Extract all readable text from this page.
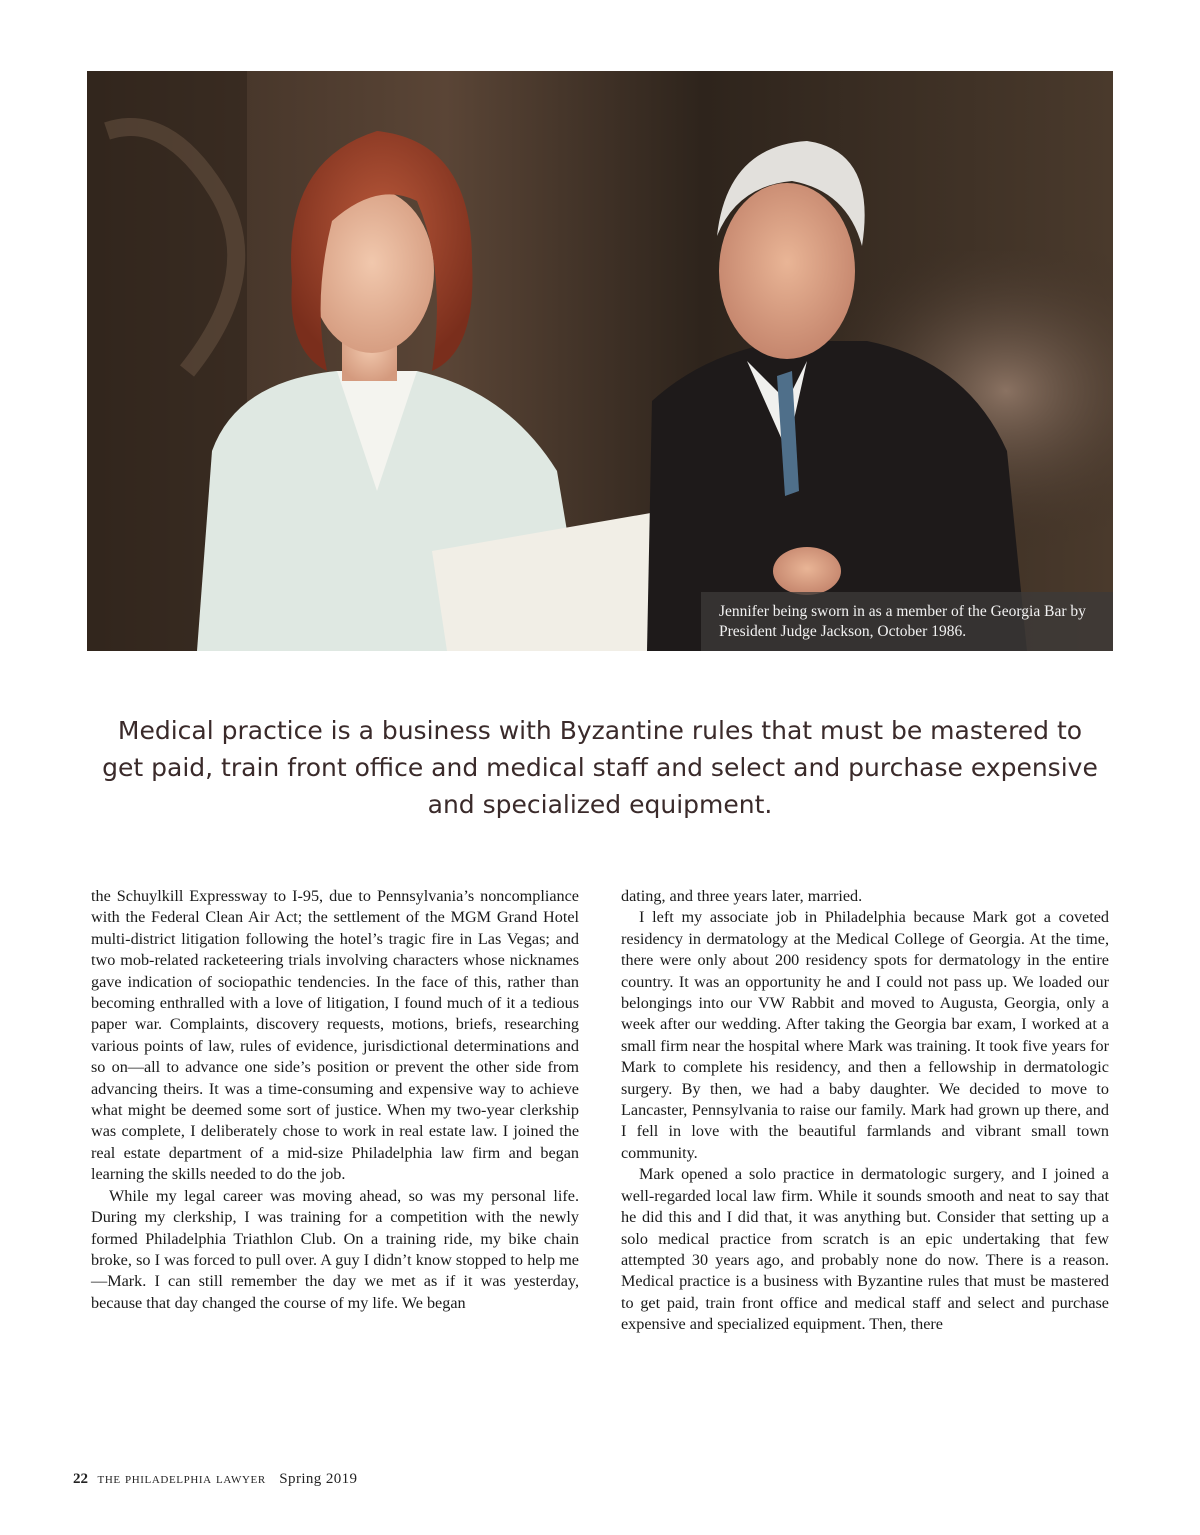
Jennifer being sworn in as a member of the Georgia Bar by President Judge Jackson, October 1986.
Medical practice is a business with Byzantine rules that must be mastered to get paid, train front office and medical staff and select and purchase expensive and specialized equipment.

the Schuylkill Expressway to I-95, due to Pennsylvania’s noncompliance with the Federal Clean Air Act; the settlement of the MGM Grand Hotel multi-district litigation following the hotel’s tragic fire in Las Vegas; and two mob-related racketeering trials involving characters whose nicknames gave indication of sociopathic tendencies. In the face of this, rather than becoming enthralled with a love of litigation, I found much of it a tedious paper war. Complaints, discovery requests, motions, briefs, researching various points of law, rules of evidence, jurisdictional determinations and so on—all to advance one side’s position or prevent the other side from advancing theirs. It was a time-consuming and expensive way to achieve what might be deemed some sort of justice. When my two-year clerkship was complete, I deliberately chose to work in real estate law. I joined the real estate department of a mid-size Philadelphia law firm and began learning the skills needed to do the job.

While my legal career was moving ahead, so was my personal life. During my clerkship, I was training for a competition with the newly formed Philadelphia Triathlon Club. On a training ride, my bike chain broke, so I was forced to pull over. A guy I didn’t know stopped to help me—Mark. I can still remember the day we met as if it was yesterday, because that day changed the course of my life. We began

dating, and three years later, married.

I left my associate job in Philadelphia because Mark got a coveted residency in dermatology at the Medical College of Georgia. At the time, there were only about 200 residency spots for dermatology in the entire country. It was an opportunity he and I could not pass up. We loaded our belongings into our VW Rabbit and moved to Augusta, Georgia, only a week after our wedding. After taking the Georgia bar exam, I worked at a small firm near the hospital where Mark was training. It took five years for Mark to complete his residency, and then a fellowship in dermatologic surgery. By then, we had a baby daughter. We decided to move to Lancaster, Pennsylvania to raise our family. Mark had grown up there, and I fell in love with the beautiful farmlands and vibrant small town community.

Mark opened a solo practice in dermatologic surgery, and I joined a well-regarded local law firm. While it sounds smooth and neat to say that he did this and I did that, it was anything but. Consider that setting up a solo medical practice from scratch is an epic undertaking that few attempted 30 years ago, and probably none do now. There is a reason. Medical practice is a business with Byzantine rules that must be mastered to get paid, train front office and medical staff and select and purchase expensive and specialized equipment. Then, there

22 the philadelphia lawyer Spring 2019
